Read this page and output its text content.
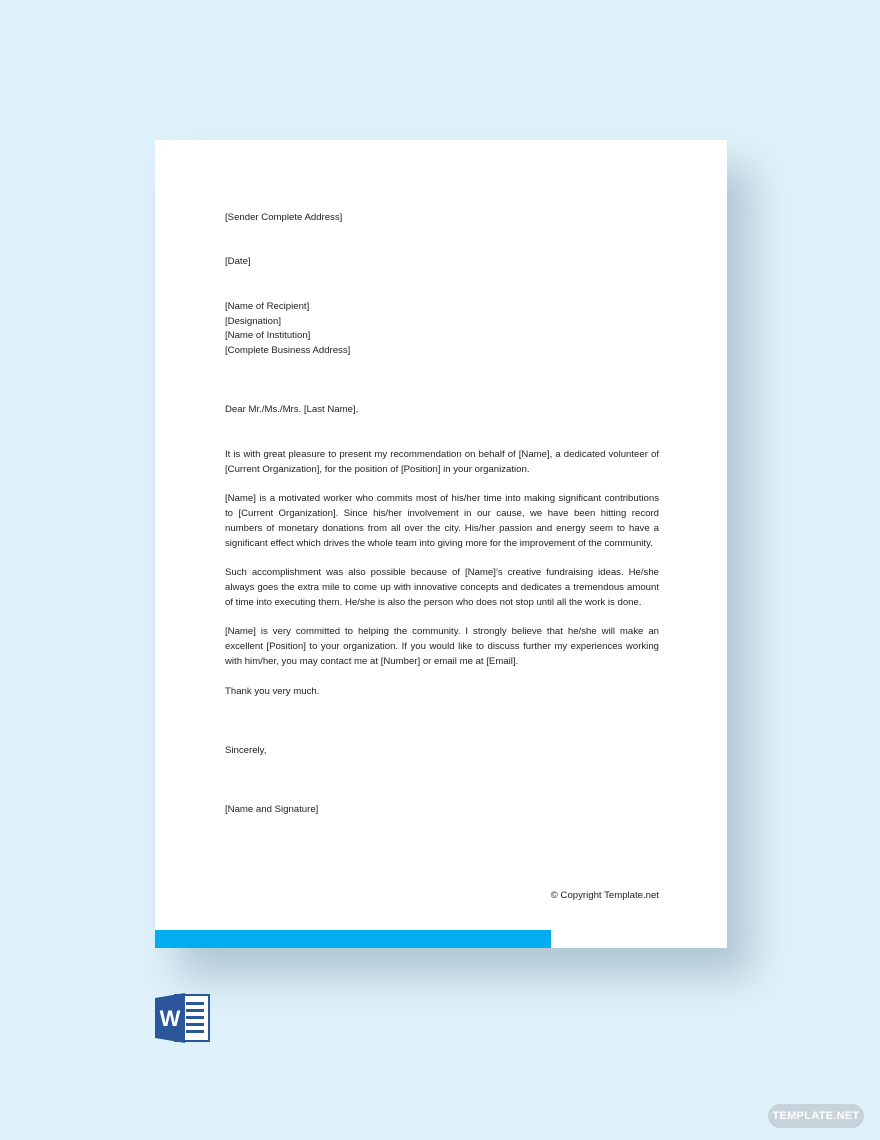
[Sender Complete Address]

[Date]

[Name of Recipient]

[Designation]

[Name of Institution]

[Complete Business Address]

Dear Mr./Ms./Mrs. [Last Name],

It is with great pleasure to present my recommendation on behalf of [Name], a dedicated volunteer of [Current Organization], for the position of [Position] in your organization.

[Name] is a motivated worker who commits most of his/her time into making significant contributions to [Current Organization]. Since his/her involvement in our cause, we have been hitting record numbers of monetary donations from all over the city. His/her passion and energy seem to have a significant effect which drives the whole team into giving more for the improvement of the community.

Such accomplishment was also possible because of [Name]’s creative fundraising ideas. He/she always goes the extra mile to come up with innovative concepts and dedicates a tremendous amount of time into executing them. He/she is also the person who does not stop until all the work is done.

[Name] is very committed to helping the community. I strongly believe that he/she will make an excellent [Position] to your organization. If you would like to discuss further my experiences working with him/her, you may contact me at [Number] or email me at [Email].

Thank you very much.

Sincerely,

[Name and Signature]

© Copyright Template.net
W
TEMPLATE.NET
